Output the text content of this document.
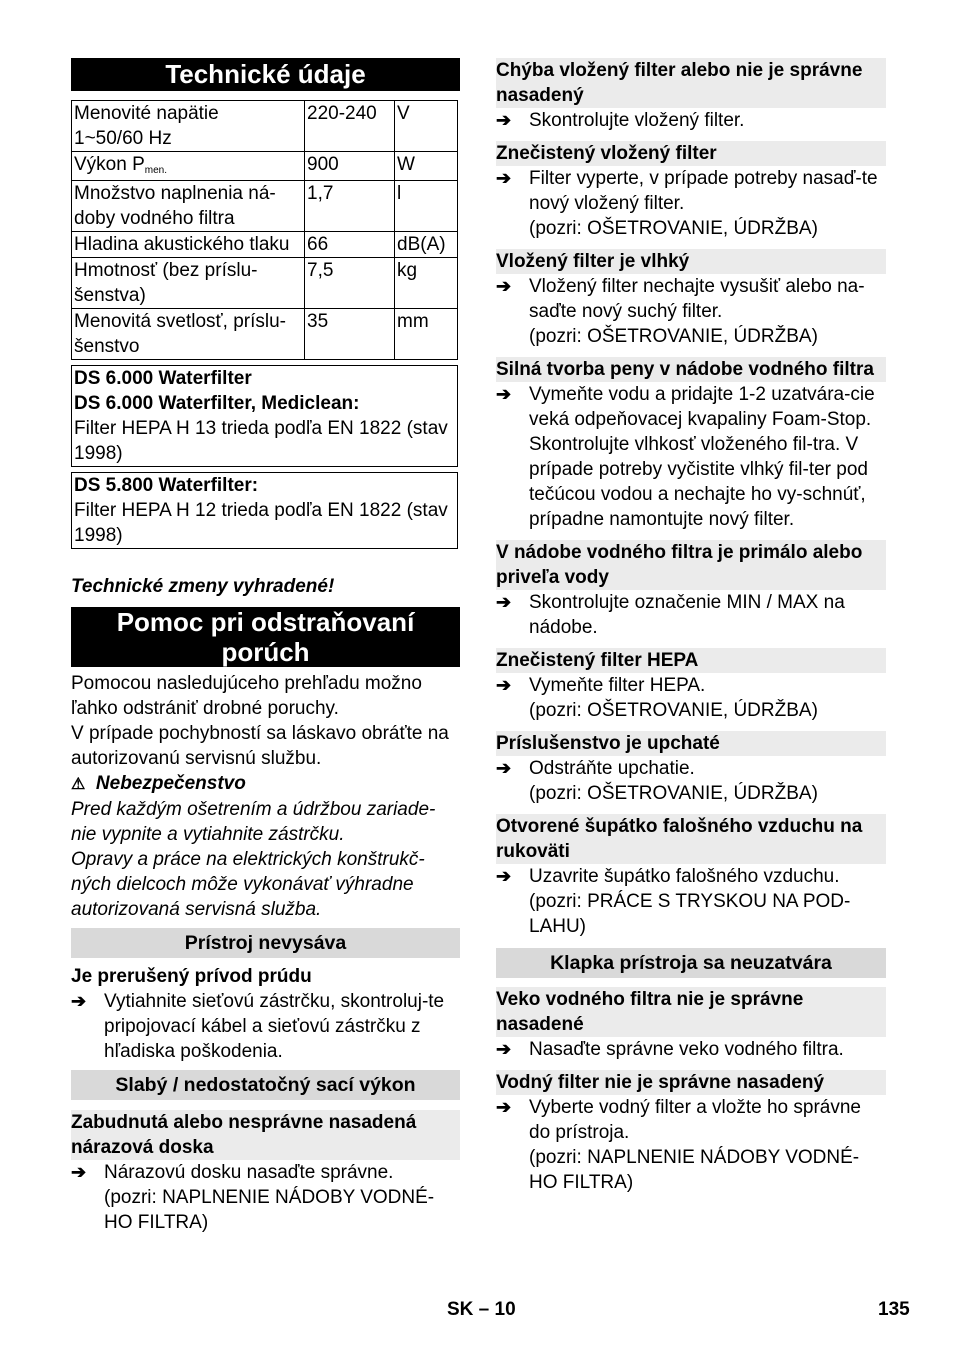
Technické údaje
Menovité napätie
1~50/60 Hz	220-240	V
Výkon $P_{men.}$	900	W
Množstvo naplnenia ná-
doby vodného filtra	1,7	l
Hladina akustického tlaku	66	dB(A)
Hmotnosť (bez príslu-
šenstva)	7,5	kg
Menovitá svetlosť, príslu-
šenstvo	35	mm
DS 6.000 Waterfilter
DS 6.000 Waterfilter, Mediclean:
Filter HEPA H 13 trieda podľa EN 1822 (stav 1998)
DS 5.800 Waterfilter:
Filter HEPA H 12 trieda podľa EN 1822 (stav 1998)
Technické zmeny vyhradené!
Pomoc pri odstraňovaní porúch
Pomocou nasledujúceho prehľadu možno ľahko odstrániť drobné poruchy.
V prípade pochybností sa láskavo obráťte na autorizovanú servisnú službu.
⚠ Nebezpečenstvo
Pred každým ošetrením a údržbou zariade-nie vypnite a vytiahnite zástrčku.
Opravy a práce na elektrických konštrukč-ných dielcoch môže vykonávať výhradne autorizovaná servisná služba.
Prístroj nevysáva
Je prerušený prívod prúdu
➔ Vytiahnite sieťovú zástrčku, skontroluj-te pripojovací kábel a sieťovú zástrčku z hľadiska poškodenia.
Slabý / nedostatočný sací výkon
Zabudnutá alebo nesprávne nasadená nárazová doska
➔ Nárazovú dosku nasaďte správne.
(pozri: NAPLNENIE NÁDOBY VODNÉ-HO FILTRA)
Chýba vložený filter alebo nie je správne nasadený
➔ Skontrolujte vložený filter.
Znečistený vložený filter
➔ Filter vyperte, v prípade potreby nasaď-te nový vložený filter.
(pozri: OŠETROVANIE, ÚDRŽBA)
Vložený filter je vlhký
➔ Vložený filter nechajte vysušiť alebo na-saďte nový suchý filter.
(pozri: OŠETROVANIE, ÚDRŽBA)
Silná tvorba peny v nádobe vodného filtra
➔ Vymeňte vodu a pridajte 1-2 uzatvára-cie veká odpeňovacej kvapaliny Foam-Stop. Skontrolujte vlhkosť vloženého fil-tra. V prípade potreby vyčistite vlhký fil-ter pod tečúcou vodou a nechajte ho vy-schnúť, prípadne namontujte nový filter.
V nádobe vodného filtra je primálo alebo priveľa vody
➔ Skontrolujte označenie MIN / MAX na nádobe.
Znečistený filter HEPA
➔ Vymeňte filter HEPA.
(pozri: OŠETROVANIE, ÚDRŽBA)
Príslušenstvo je upchaté
➔ Odstráňte upchatie.
(pozri: OŠETROVANIE, ÚDRŽBA)
Otvorené šupátko falošného vzduchu na rukoväti
➔ Uzavrite šupátko falošného vzduchu.
(pozri: PRÁCE S TRYSKOU NA POD-LAHU)
Klapka prístroja sa neuzatvára
Veko vodného filtra nie je správne nasadené
➔ Nasaďte správne veko vodného filtra.
Vodný filter nie je správne nasadený
➔ Vyberte vodný filter a vložte ho správne do prístroja.
(pozri: NAPLNENIE NÁDOBY VODNÉ-HO FILTRA)
SK – 10	135
